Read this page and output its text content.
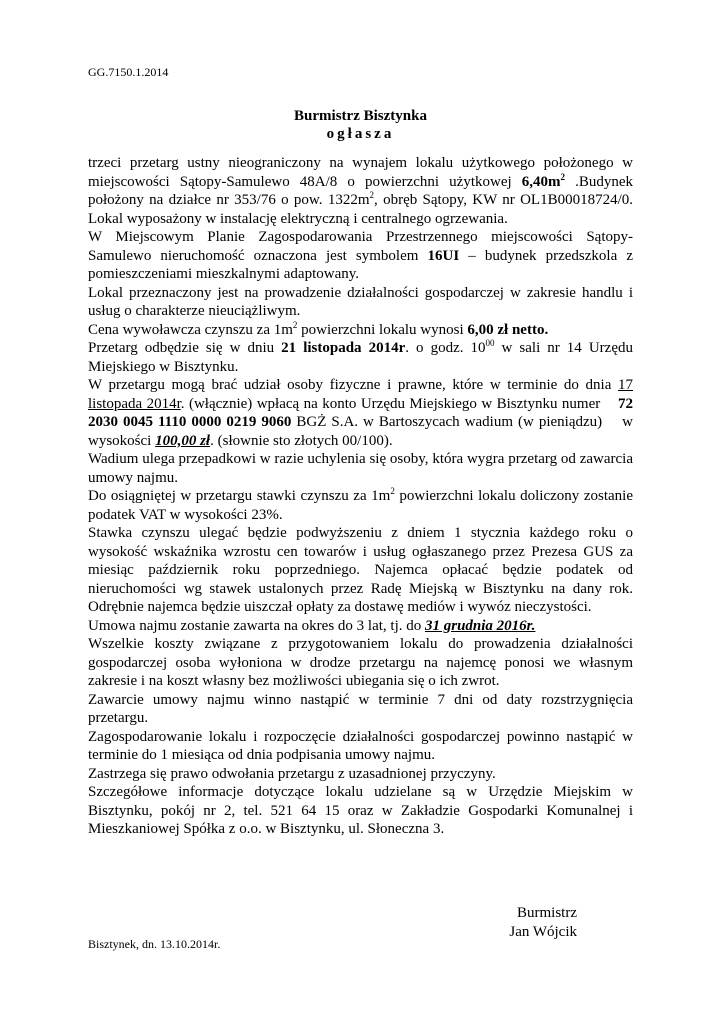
GG.7150.1.2014
Burmistrz Bisztynka
ogłasza

trzeci przetarg ustny nieograniczony na wynajem lokalu użytkowego położonego w miejscowości Sątopy-Samulewo 48A/8 o powierzchni użytkowej $6,40m^2$ .Budynek położony na działce nr 353/76 o pow. $1322m^2$, obręb Sątopy, KW nr OL1B00018724/0. Lokal wyposażony w instalację elektryczną i centralnego ogrzewania.

W Miejscowym Planie Zagospodarowania Przestrzennego miejscowości Sątopy-Samulewo nieruchomość oznaczona jest symbolem 16UI – budynek przedszkola z pomieszczeniami mieszkalnymi adaptowany.

Lokal przeznaczony jest na prowadzenie działalności gospodarczej w zakresie handlu i usług o charakterze nieuciążliwym.

Cena wywoławcza czynszu za $1m^2$ powierzchni lokalu wynosi 6,00 zł netto.

Przetarg odbędzie się w dniu 21 listopada 2014r. o godz. $10^{00}$ w sali nr 14 Urzędu Miejskiego w Bisztynku.

W przetargu mogą brać udział osoby fizyczne i prawne, które w terminie do dnia 17 listopada 2014r. (włącznie) wpłacą na konto Urzędu Miejskiego w Bisztynku numer    72 2030 0045 1110 0000 0219 9060 BGŻ S.A. w Bartoszycach wadium (w pieniądzu)    w wysokości 100,00 zł. (słownie sto złotych 00/100).

Wadium ulega przepadkowi w razie uchylenia się osoby, która wygra przetarg od zawarcia umowy najmu.

Do osiągniętej w przetargu stawki czynszu za $1m^2$ powierzchni lokalu doliczony zostanie podatek VAT w wysokości 23%.

Stawka czynszu ulegać będzie podwyższeniu z dniem 1 stycznia każdego roku o wysokość wskaźnika wzrostu cen towarów i usług ogłaszanego przez Prezesa GUS za miesiąc październik roku poprzedniego. Najemca opłacać będzie podatek od nieruchomości wg stawek ustalonych przez Radę Miejską w Bisztynku na dany rok. Odrębnie najemca będzie uiszczał opłaty za dostawę mediów i wywóz nieczystości.

Umowa najmu zostanie zawarta na okres do 3 lat, tj. do 31 grudnia 2016r.

Wszelkie koszty związane z przygotowaniem lokalu do prowadzenia działalności gospodarczej osoba wyłoniona w drodze przetargu na najemcę ponosi we własnym zakresie i na koszt własny bez możliwości ubiegania się o ich zwrot.

Zawarcie umowy najmu winno nastąpić w terminie 7 dni od daty rozstrzygnięcia przetargu.

Zagospodarowanie lokalu i rozpoczęcie działalności gospodarczej powinno nastąpić w terminie do 1 miesiąca od dnia podpisania umowy najmu.

Zastrzega się prawo odwołania przetargu z uzasadnionej przyczyny.

Szczegółowe informacje dotyczące lokalu udzielane są w Urzędzie Miejskim w Bisztynku, pokój nr 2, tel. 521 64 15 oraz w Zakładzie Gospodarki Komunalnej i Mieszkaniowej Spółka z o.o. w Bisztynku, ul. Słoneczna 3.

Burmistrz
Jan Wójcik
Bisztynek, dn. 13.10.2014r.
